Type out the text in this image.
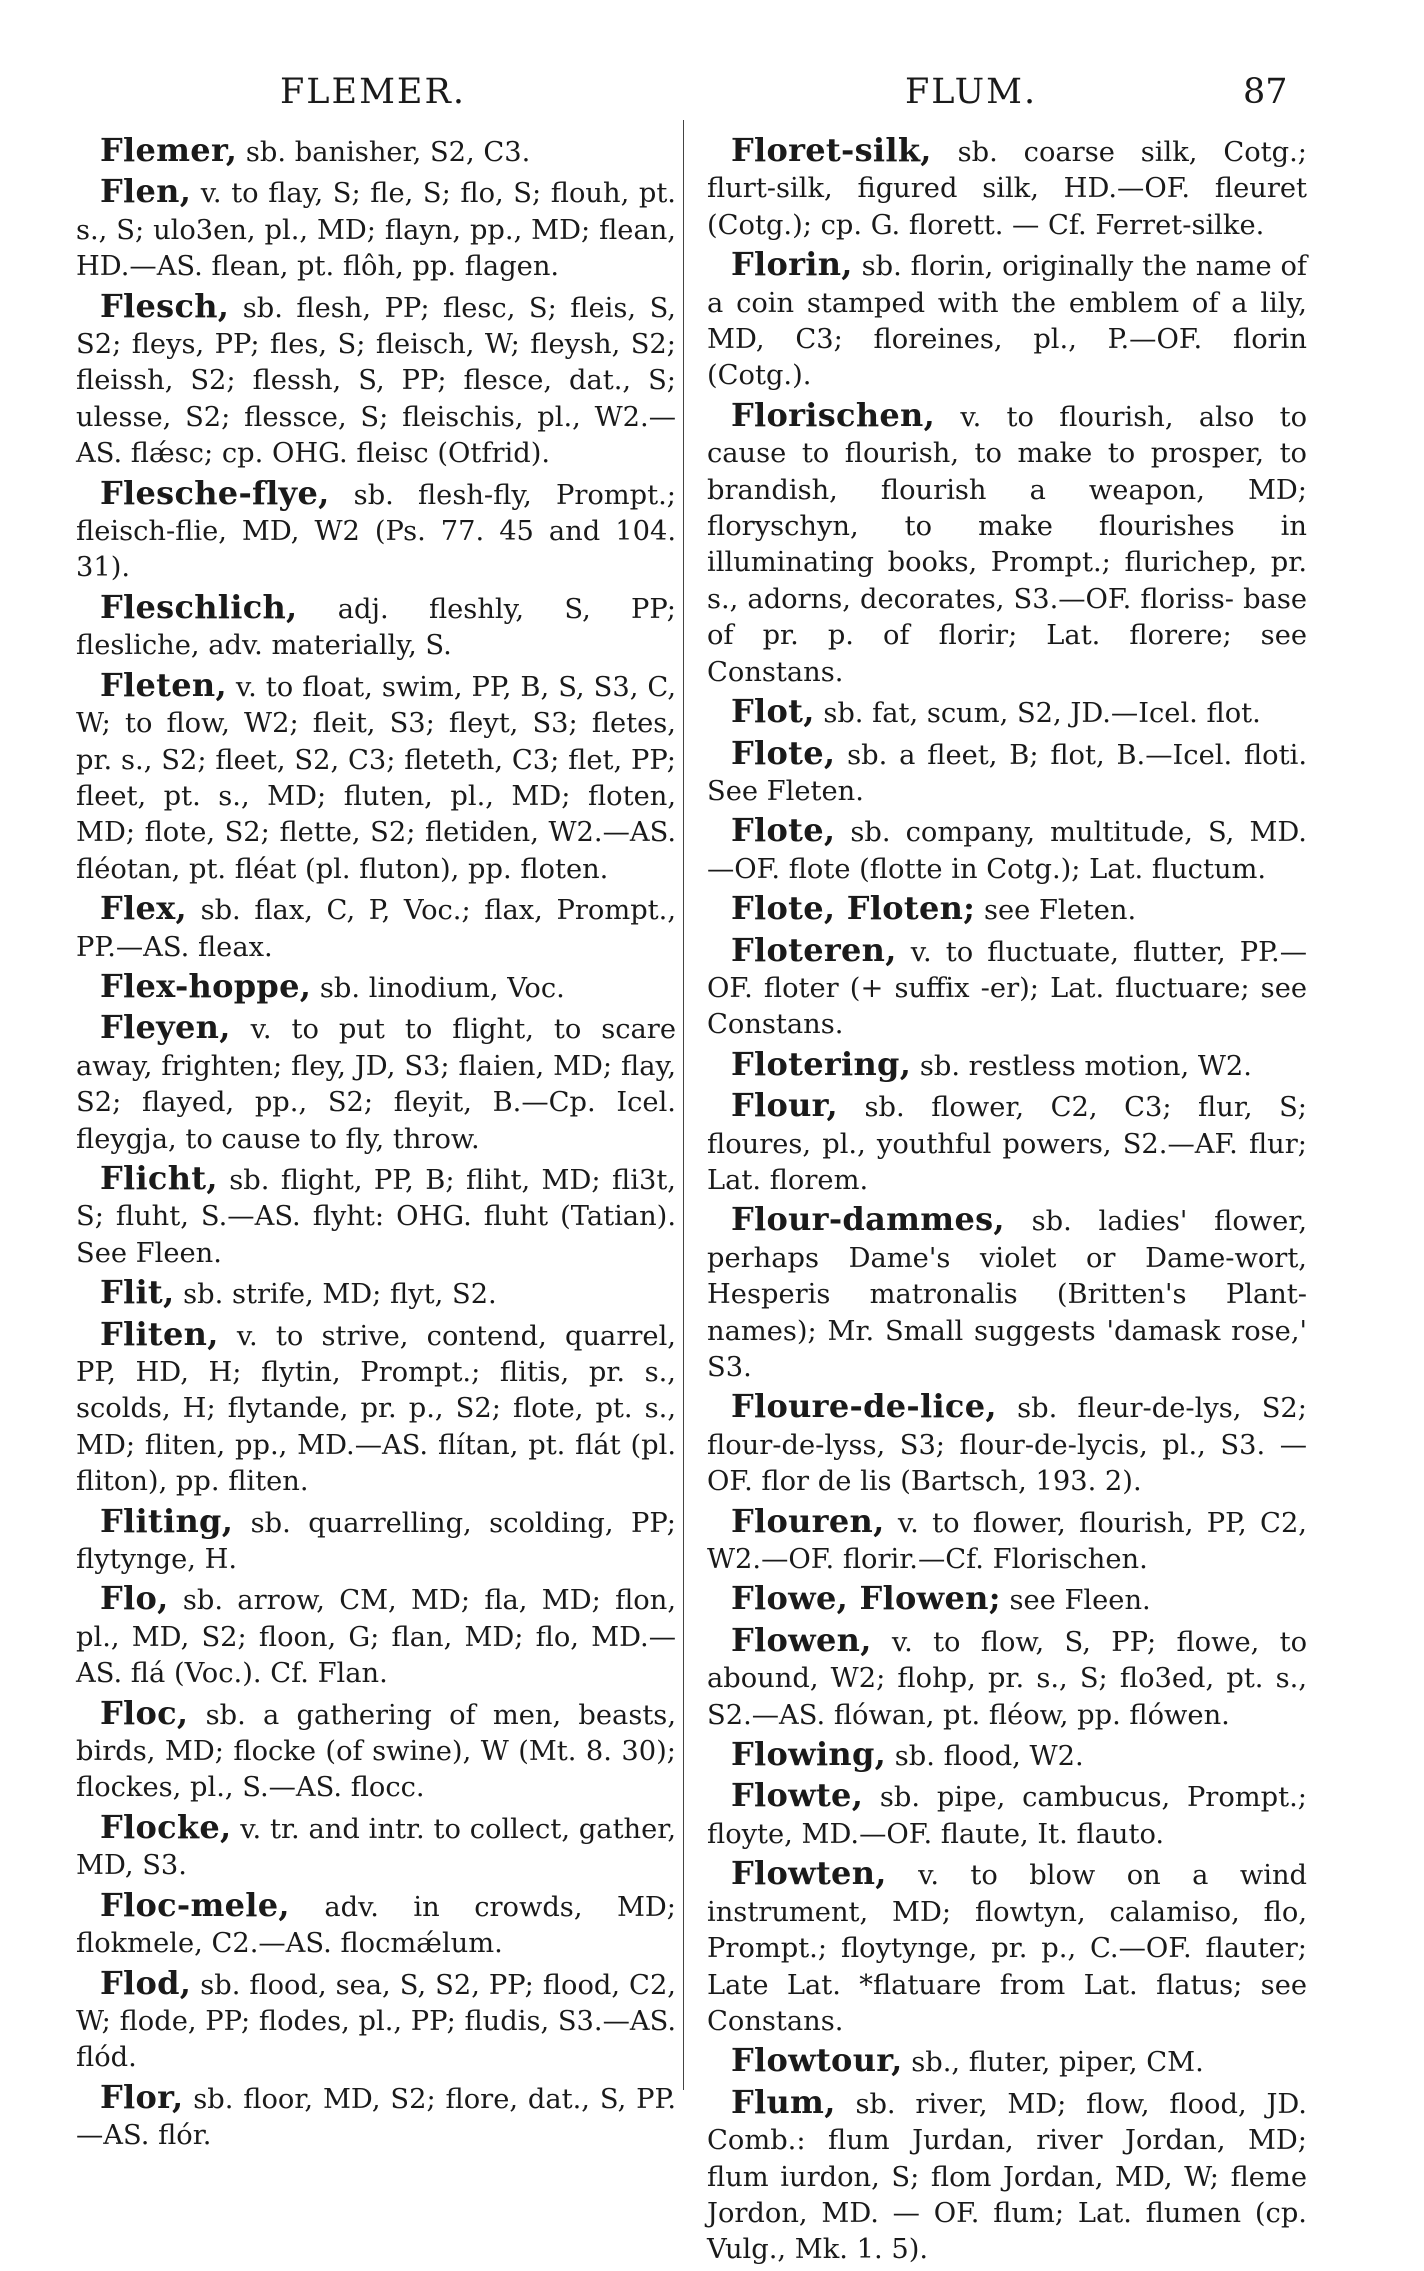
FLEMER.	FLUM.	87

Flemer, sb. banisher, S2, C3.

Flen, v. to flay, S; fle, S; flo, S; flouh, pt. s., S; ulo3en, pl., MD; flayn, pp., MD; flean, HD.—AS. flean, pt. flôh, pp. flagen.

Flesch, sb. flesh, PP; flesc, S; fleis, S, S2; fleys, PP; fles, S; fleisch, W; fleysh, S2; fleissh, S2; flessh, S, PP; flesce, dat., S; ulesse, S2; flessce, S; fleischis, pl., W2.—AS. flǽsc; cp. OHG. fleisc (Otfrid).

Flesche-flye, sb. flesh-fly, Prompt.; fleisch-flie, MD, W2 (Ps. 77. 45 and 104. 31).

Fleschlich, adj. fleshly, S, PP; flesliche, adv. materially, S.

Fleten, v. to float, swim, PP, B, S, S3, C, W; to flow, W2; fleit, S3; fleyt, S3; fletes, pr. s., S2; fleet, S2, C3; fleteth, C3; flet, PP; fleet, pt. s., MD; fluten, pl., MD; floten, MD; flote, S2; flette, S2; fletiden, W2.—AS. fléotan, pt. fléat (pl. fluton), pp. floten.

Flex, sb. flax, C, P, Voc.; flax, Prompt., PP.—AS. fleax.

Flex-hoppe, sb. linodium, Voc.

Fleyen, v. to put to flight, to scare away, frighten; fley, JD, S3; flaien, MD; flay, S2; flayed, pp., S2; fleyit, B.—Cp. Icel. fleygja, to cause to fly, throw.

Flicht, sb. flight, PP, B; fliht, MD; fli3t, S; fluht, S.—AS. flyht: OHG. fluht (Tatian). See Fleen.

Flit, sb. strife, MD; flyt, S2.

Fliten, v. to strive, contend, quarrel, PP, HD, H; flytin, Prompt.; flitis, pr. s., scolds, H; flytande, pr. p., S2; flote, pt. s., MD; fliten, pp., MD.—AS. flítan, pt. flát (pl. fliton), pp. fliten.

Fliting, sb. quarrelling, scolding, PP; flytynge, H.

Flo, sb. arrow, CM, MD; fla, MD; flon, pl., MD, S2; floon, G; flan, MD; flo, MD.—AS. flá (Voc.). Cf. Flan.

Floc, sb. a gathering of men, beasts, birds, MD; flocke (of swine), W (Mt. 8. 30); flockes, pl., S.—AS. flocc.

Flocke, v. tr. and intr. to collect, gather, MD, S3.

Floc-mele, adv. in crowds, MD; flokmele, C2.—AS. flocmǽlum.

Flod, sb. flood, sea, S, S2, PP; flood, C2, W; flode, PP; flodes, pl., PP; fludis, S3.—AS. flód.

Flor, sb. floor, MD, S2; flore, dat., S, PP.—AS. flór.

Floret-silk, sb. coarse silk, Cotg.; flurt-silk, figured silk, HD.—OF. fleuret (Cotg.); cp. G. florett. — Cf. Ferret-silke.

Florin, sb. florin, originally the name of a coin stamped with the emblem of a lily, MD, C3; floreines, pl., P.—OF. florin (Cotg.).

Florischen, v. to flourish, also to cause to flourish, to make to prosper, to brandish, flourish a weapon, MD; floryschyn, to make flourishes in illuminating books, Prompt.; flurichep, pr. s., adorns, decorates, S3.—OF. floriss- base of pr. p. of florir; Lat. florere; see Constans.

Flot, sb. fat, scum, S2, JD.—Icel. flot.

Flote, sb. a fleet, B; flot, B.—Icel. floti. See Fleten.

Flote, sb. company, multitude, S, MD. —OF. flote (flotte in Cotg.); Lat. fluctum.

Flote, Floten; see Fleten.

Floteren, v. to fluctuate, flutter, PP.—OF. floter (+ suffix -er); Lat. fluctuare; see Constans.

Flotering, sb. restless motion, W2.

Flour, sb. flower, C2, C3; flur, S; floures, pl., youthful powers, S2.—AF. flur; Lat. florem.

Flour-dammes, sb. ladies' flower, perhaps Dame's violet or Dame-wort, Hesperis matronalis (Britten's Plant-names); Mr. Small suggests 'damask rose,' S3.

Floure-de-lice, sb. fleur-de-lys, S2; flour-de-lyss, S3; flour-de-lycis, pl., S3. —OF. flor de lis (Bartsch, 193. 2).

Flouren, v. to flower, flourish, PP, C2, W2.—OF. florir.—Cf. Florischen.

Flowe, Flowen; see Fleen.

Flowen, v. to flow, S, PP; flowe, to abound, W2; flohp, pr. s., S; flo3ed, pt. s., S2.—AS. flówan, pt. fléow, pp. flówen.

Flowing, sb. flood, W2.

Flowte, sb. pipe, cambucus, Prompt.; floyte, MD.—OF. flaute, It. flauto.

Flowten, v. to blow on a wind instrument, MD; flowtyn, calamiso, flo, Prompt.; floytynge, pr. p., C.—OF. flauter; Late Lat. *flatuare from Lat. flatus; see Constans.

Flowtour, sb., fluter, piper, CM.

Flum, sb. river, MD; flow, flood, JD. Comb.: flum Jurdan, river Jordan, MD; flum iurdon, S; flom Jordan, MD, W; fleme Jordon, MD. — OF. flum; Lat. flumen (cp. Vulg., Mk. 1. 5).
